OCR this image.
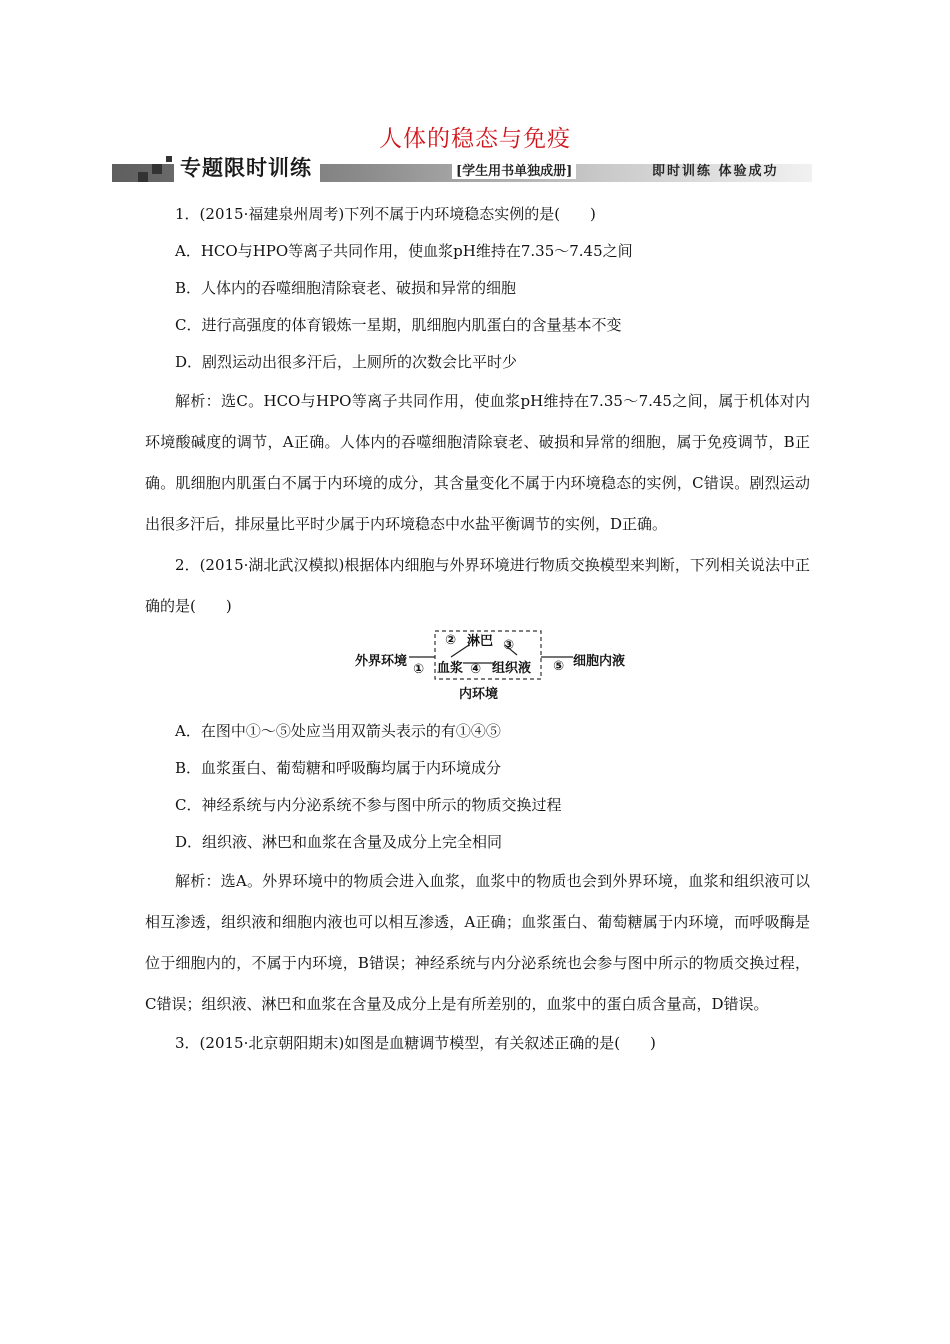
人体的稳态与免疫
专题限时训练	[学生用书单独成册]	即时训练 体验成功

1．(2015·福建泉州周考)下列不属于内环境稳态实例的是(　　)

A．HCO与HPO等离子共同作用，使血浆pH维持在7.35～7.45之间

B．人体内的吞噬细胞清除衰老、破损和异常的细胞

C．进行高强度的体育锻炼一星期，肌细胞内肌蛋白的含量基本不变

D．剧烈运动出很多汗后，上厕所的次数会比平时少

解析：选C。HCO与HPO等离子共同作用，使血浆pH维持在7.35～7.45之间，属于机体对内环境酸碱度的调节，A正确。人体内的吞噬细胞清除衰老、破损和异常的细胞，属于免疫调节，B正确。肌细胞内肌蛋白不属于内环境的成分，其含量变化不属于内环境稳态的实例，C错误。剧烈运动出很多汗后，排尿量比平时少属于内环境稳态中水盐平衡调节的实例，D正确。

2．(2015·湖北武汉模拟)根据体内细胞与外界环境进行物质交换模型来判断，下列相关说法中正确的是(　　)

外界环境
①
② 淋巴 ③
血浆 ④ 组织液 ⑤ 细胞内液
内环境

A．在图中①～⑤处应当用双箭头表示的有①④⑤

B．血浆蛋白、葡萄糖和呼吸酶均属于内环境成分

C．神经系统与内分泌系统不参与图中所示的物质交换过程

D．组织液、淋巴和血浆在含量及成分上完全相同

解析：选A。外界环境中的物质会进入血浆，血浆中的物质也会到外界环境，血浆和组织液可以相互渗透，组织液和细胞内液也可以相互渗透，A正确；血浆蛋白、葡萄糖属于内环境，而呼吸酶是位于细胞内的，不属于内环境，B错误；神经系统与内分泌系统也会参与图中所示的物质交换过程，C错误；组织液、淋巴和血浆在含量及成分上是有所差别的，血浆中的蛋白质含量高，D错误。

3．(2015·北京朝阳期末)如图是血糖调节模型，有关叙述正确的是(　　)
